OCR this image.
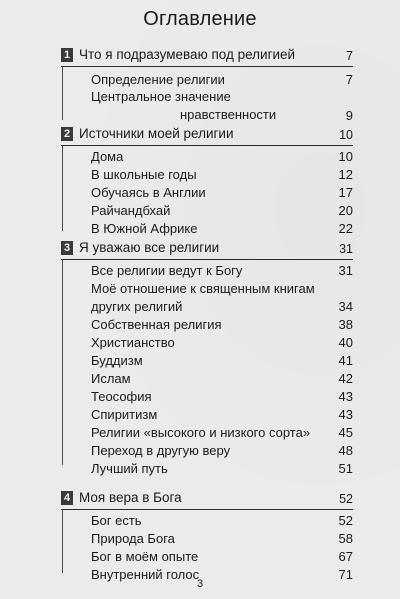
Оглавление
1 Что я подразумеваю под религией	7
Определение религии	7
Центральное значение
нравственности	9
2 Источники моей религии	10
Дома	10
В школьные годы	12
Обучаясь в Англии	17
Райчандбхай	20
В Южной Африке	22
3 Я уважаю все религии	31
Все религии ведут к Богу	31
Моё отношение к священным книгам
других религий	34
Собственная религия	38
Христианство	40
Буддизм	41
Ислам	42
Теософия	43
Спиритизм	43
Религии «высокого и низкого сорта» 45
Переход в другую веру	48
Лучший путь	51
4 Моя вера в Бога	52
Бог есть	52
Природа Бога	58
Бог в моём опыте	67
Внутренний голос	71
3
